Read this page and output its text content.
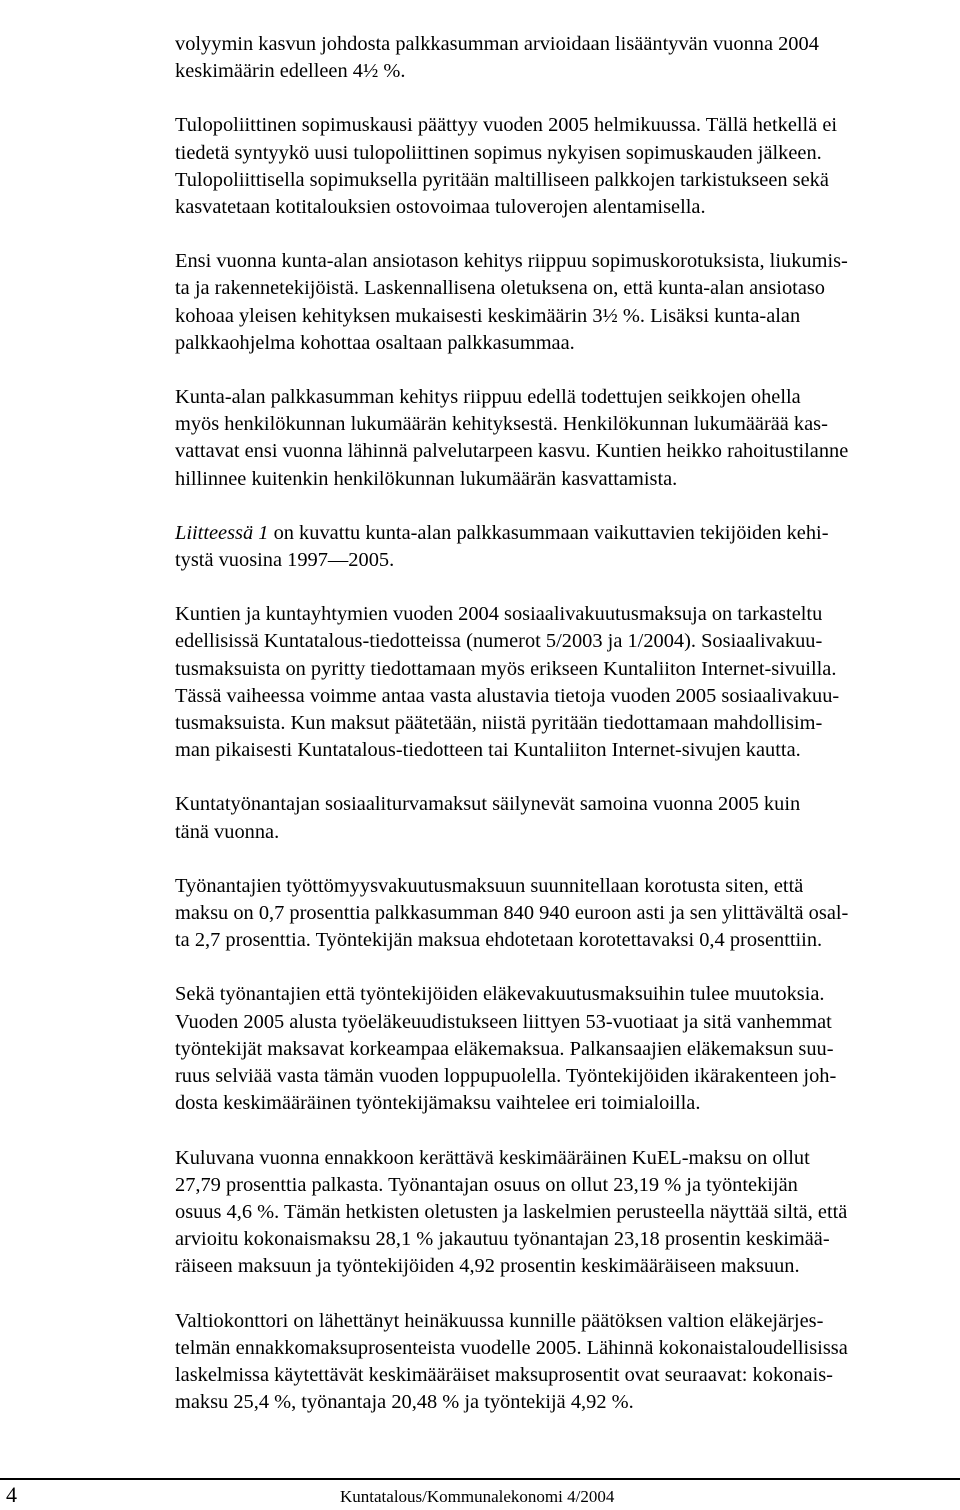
volyymin kasvun johdosta palkkasumman arvioidaan lisääntyvän vuonna 2004
keskimäärin edelleen 4½ %.

Tulopoliittinen sopimuskausi päättyy vuoden 2005 helmikuussa. Tällä hetkellä ei
tiedetä syntyykö uusi tulopoliittinen sopimus nykyisen sopimuskauden jälkeen.
Tulopoliittisella sopimuksella pyritään maltilliseen palkkojen tarkistukseen sekä
kasvatetaan kotitalouksien ostovoimaa tuloverojen alentamisella.

Ensi vuonna kunta-alan ansiotason kehitys riippuu sopimuskorotuksista, liukumis-
ta ja rakennetekijöistä. Laskennallisena oletuksena on, että kunta-alan ansiotaso
kohoaa yleisen kehityksen mukaisesti keskimäärin 3½ %. Lisäksi kunta-alan
palkkaohjelma kohottaa osaltaan palkkasummaa.

Kunta-alan palkkasumman kehitys riippuu edellä todettujen seikkojen ohella
myös henkilökunnan lukumäärän kehityksestä. Henkilökunnan lukumäärää kas-
vattavat ensi vuonna lähinnä palvelutarpeen kasvu. Kuntien heikko rahoitustilanne
hillinnee kuitenkin henkilökunnan lukumäärän kasvattamista.

Liitteessä 1 on kuvattu kunta-alan palkkasummaan vaikuttavien tekijöiden kehi-
tystä vuosina 1997—2005.

Kuntien ja kuntayhtymien vuoden 2004 sosiaalivakuutusmaksuja on tarkasteltu
edellisissä Kuntatalous-tiedotteissa (numerot 5/2003 ja 1/2004). Sosiaalivakuu-
tusmaksuista on pyritty tiedottamaan myös erikseen Kuntaliiton Internet-sivuilla.
Tässä vaiheessa voimme antaa vasta alustavia tietoja vuoden 2005 sosiaalivakuu-
tusmaksuista. Kun maksut päätetään, niistä pyritään tiedottamaan mahdollisim-
man pikaisesti Kuntatalous-tiedotteen tai Kuntaliiton Internet-sivujen kautta.

Kuntatyönantajan sosiaaliturvamaksut säilynevät samoina vuonna 2005 kuin
tänä vuonna.

Työnantajien työttömyysvakuutusmaksuun suunnitellaan korotusta siten, että
maksu on 0,7 prosenttia palkkasumman 840 940 euroon asti ja sen ylittävältä osal-
ta 2,7 prosenttia. Työntekijän maksua ehdotetaan korotettavaksi 0,4 prosenttiin.

Sekä työnantajien että työntekijöiden eläkevakuutusmaksuihin tulee muutoksia.
Vuoden 2005 alusta työeläkeuudistukseen liittyen 53-vuotiaat ja sitä vanhemmat
työntekijät maksavat korkeampaa eläkemaksua. Palkansaajien eläkemaksun suu-
ruus selviää vasta tämän vuoden loppupuolella. Työntekijöiden ikärakenteen joh-
dosta keskimääräinen työntekijämaksu vaihtelee eri toimialoilla.

Kuluvana vuonna ennakkoon kerättävä keskimääräinen KuEL-maksu on ollut
27,79 prosenttia palkasta. Työnantajan osuus on ollut 23,19 % ja työntekijän
osuus 4,6 %. Tämän hetkisten oletusten ja laskelmien perusteella näyttää siltä, että
arvioitu kokonaismaksu 28,1 % jakautuu työnantajan 23,18 prosentin keskimää-
räiseen maksuun ja työntekijöiden 4,92 prosentin keskimääräiseen maksuun.

Valtiokonttori on lähettänyt heinäkuussa kunnille päätöksen valtion eläkejärjes-
telmän ennakkomaksuprosenteista vuodelle 2005. Lähinnä kokonaistaloudellisissa
laskelmissa käytettävät keskimääräiset maksuprosentit ovat seuraavat: kokonais-
maksu 25,4 %, työnantaja 20,48 % ja työntekijä 4,92 %.

4	Kuntatalous/Kommunalekonomi 4/2004
